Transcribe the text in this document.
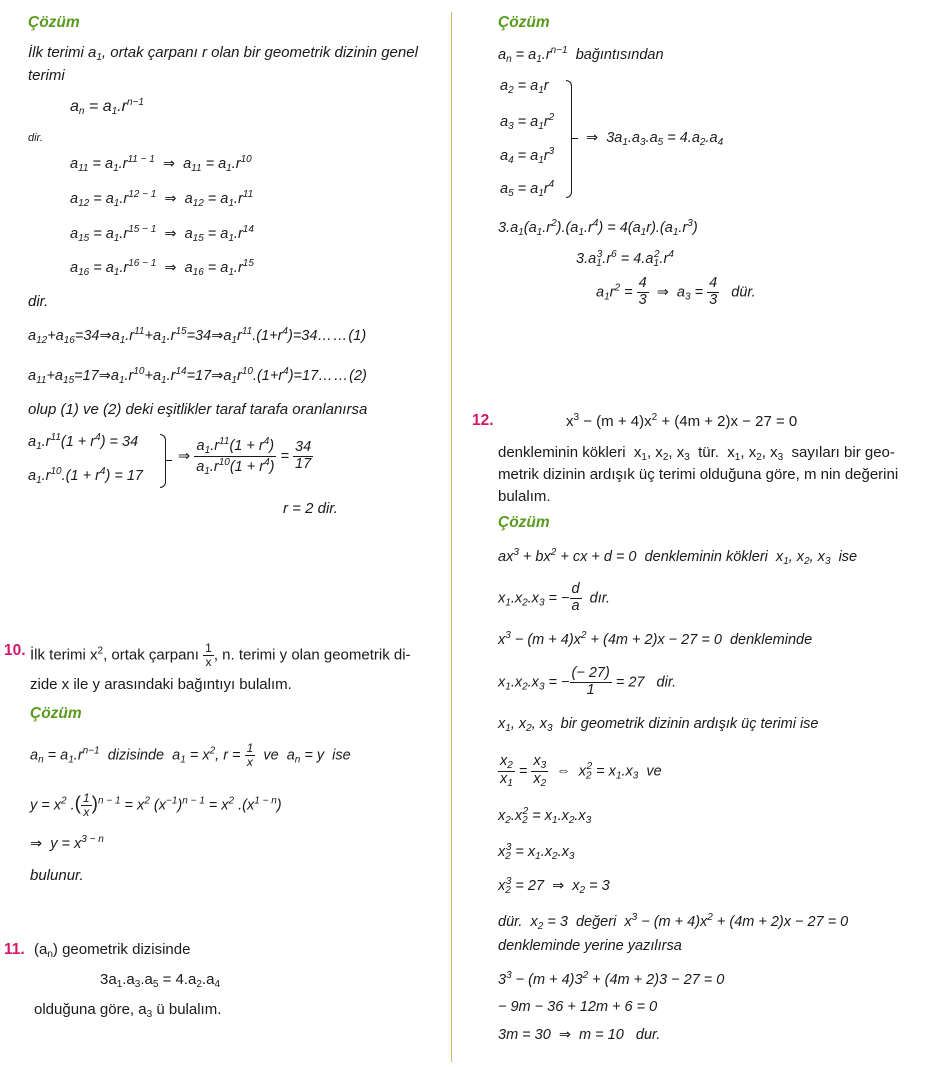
Çözüm
İlk terimi $a_1$, ortak çarpanı r olan bir geometrik dizinin genel
terimi
$a_n = a_1.r^{n-1}$
dir.
$a_{11} = a_1.r^{11 - 1}$  ⇒  $a_{11} = a_1.r^{10}$
$a_{12} = a_1.r^{12 - 1}$  ⇒  $a_{12} = a_1.r^{11}$
$a_{15} = a_1.r^{15 - 1}$  ⇒  $a_{15} = a_1.r^{14}$
$a_{16} = a_1.r^{16 - 1}$  ⇒  $a_{16} = a_1.r^{15}$
dir.
$a_{12}+a_{16}=34\Rightarrow a_1.r^{11}+a_1.r^{15}=34\Rightarrow a_1r^{11}.(1+r^4)=34\dots\dots(1)$
$a_{11}+a_{15}=17\Rightarrow a_1.r^{10}+a_1.r^{14}=17\Rightarrow a_1r^{10}.(1+r^4)=17\dots\dots(2)$
olup (1) ve (2) deki eşitlikler taraf tarafa oranlanırsa
$a_1.r^{11}(1 + r^4) = 34$
$a_1.r^{10}.(1 + r^4) = 17$
⇒ $\frac{a_1.r^{11}(1 + r^4)}{a_1.r^{10}(1 + r^4)} = \frac{34}{17}$
r = 2 dir.
10. İlk terimi $x^2$, ortak çarpanı $\frac{1}{x}$ , n. terimi y olan geometrik di-
zide x ile y arasındaki bağıntıyı bulalım.
Çözüm
$a_n = a_1.r^{n-1}$ dizisinde  $a_1 = x^2$, $r = \frac{1}{x}$ ve  $a_n = y$  ise
$y = x^2$ .( $\frac{1}{x} )^{n - 1} = x^2$ $(x^{-1})^{n - 1} = x^2$ $.(x^{1 - n})$
⇒  $y = x^{3 - n}$
bulunur.
11. $(a_n)$ geometrik dizisinde
$3a_1.a_3.a_5 = 4.a_2.a_4$
olduğuna göre, $a_3$ ü bulalım.
Çözüm
$a_n = a_1.r^{n-1}$ bağıntısından
$a_2 = a_1r$
$a_3 = a_1r^2$
$a_4 = a_1r^3$
$a_5 = a_1r^4$
⇒  $3a_1.a_3.a_5 = 4.a_2.a_4$
$3.a_1(a_1.r^2).(a_1.r^4) = 4(a_1r).(a_1.r^3)$
$3.a_1^3.r^6 = 4.a_1^2.r^4$
$a_1r^2 = \frac{4}{3}$ ⇒  $a_3 = \frac{4}{3}$ dür.
12.	$x^3 - (m + 4)x^2 + (4m + 2)x - 27 = 0$
denkleminin kökleri  $x_1$, $x_2$, $x_3$  tür.  $x_1$, $x_2$, $x_3$  sayıları bir geo-
metrik dizinin ardışık üç terimi olduğuna göre, m nin değerini
bulalım.
Çözüm
$ax^3 + bx^2$ + cx + d = 0  denkleminin kökleri  $x_1$, $x_2$, $x_3$ ise
$x_1.x_2.x_3$ = − $\frac{d}{a}$ dır.
$x^3 - (m + 4)x^2 + (4m + 2)x - 27 = 0$  denkleminde
$x_1.x_2.x_3$ = − $\frac{(- 27)}{1} = 27$   dir.
$x_1$, $x_2$, $x_3$ bir geometrik dizinin ardışık üç terimi ise
$\frac{x_2}{x_1} = \frac{x_3}{x_2}$ ⇔  $x_2^2 = x_1.x_3$ ve
$x_2.x_2^2 = x_1.x_2.x_3$
$x_2^3 = x_1.x_2.x_3$
$x_2^3 = 27$  ⇒  $x_2 = 3$
dür.  $x_2 = 3$  değeri  $x^3 - (m + 4)x^2 + (4m + 2)x - 27 = 0$
denkleminde yerine yazılırsa
$3^3 - (m + 4)3^2 + (4m + 2)3 - 27 = 0$
− 9m − 36 + 12m + 6 = 0
3m = 30  ⇒  m = 10   dur.
